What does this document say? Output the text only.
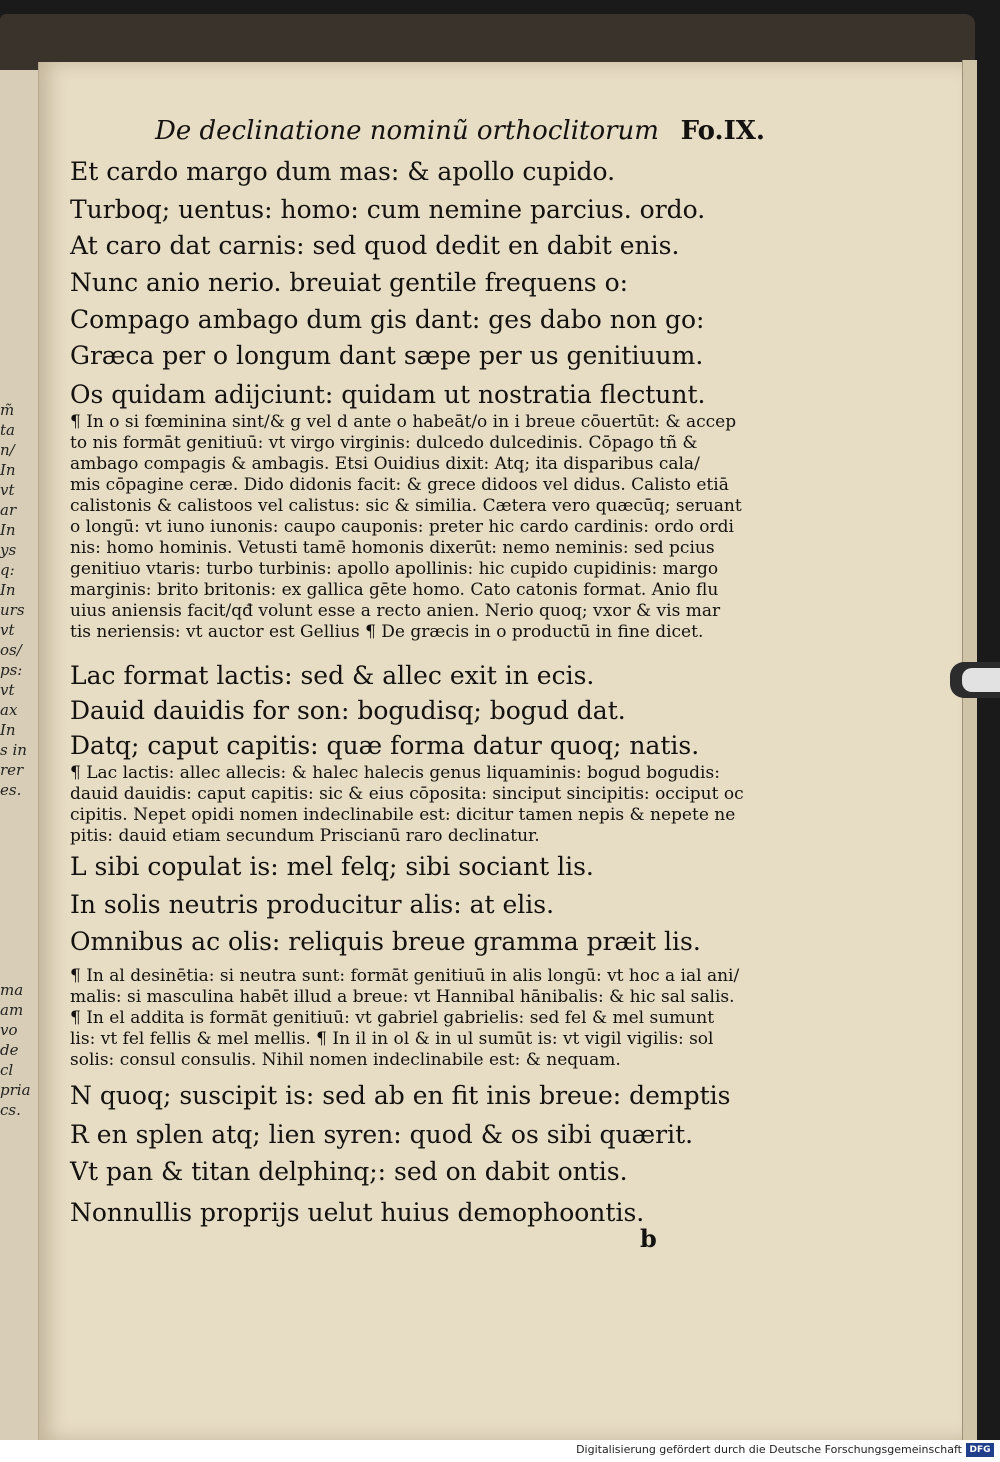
m̃
ta
n/
In
vt
ar
In
ys
q:
In
urs
vt
os/
ps:
vt
ax
In
s in
rer
es.
ma
am
vo
de cl
pria
cs.
De declinatione nominũ orthoclitorum Fo.IX.
Et cardo margo dum mas: & apollo cupido.
Turboq; uentus: homo: cum nemine parcius. ordo.
At caro dat carnis: sed quod dedit en dabit enis.
Nunc anio nerio. breuiat gentile frequens o:
Compago ambago dum gis dant: ges dabo non go:
Græca per o longum dant sæpe per us genitiuum.
Os quidam adijciunt: quidam ut nostratia flectunt.
¶ In o si fœminina sint/& g vel d ante o habeāt/o in i breue cōuertūt: & accep
to nis formāt genitiuū: vt virgo virginis: dulcedo dulcedinis. Cōpago tñ &
ambago compagis & ambagis. Etsi Ouidius dixit: Atq; ita disparibus cala/
mis cōpagine ceræ. Dido didonis facit: & grece didoos vel didus. Calisto etiā
calistonis & calistoos vel calistus: sic & similia. Cætera vero quæcūq; seruant
o longū: vt iuno iunonis: caupo cauponis: preter hic cardo cardinis: ordo ordi
nis: homo hominis. Vetusti tamē homonis dixerūt: nemo neminis: sed pcius
genitiuo vtaris: turbo turbinis: apollo apollinis: hic cupido cupidinis: margo
marginis: brito britonis: ex gallica gēte homo. Cato catonis format. Anio flu
uius aniensis facit/qđ volunt esse a recto anien. Nerio quoq; vxor & vis mar
tis neriensis: vt auctor est Gellius ¶ De græcis in o productū in fine dicet.
Lac format lactis: sed & allec exit in ecis.
Dauid dauidis for son: bogudisq; bogud dat.
Datq; caput capitis: quæ forma datur quoq; natis.
¶ Lac lactis: allec allecis: & halec halecis genus liquaminis: bogud bogudis:
dauid dauidis: caput capitis: sic & eius cōposita: sinciput sincipitis: occiput oc
cipitis. Nepet opidi nomen indeclinabile est: dicitur tamen nepis & nepete ne
pitis: dauid etiam secundum Priscianū raro declinatur.
L sibi copulat is: mel felq; sibi sociant lis.
In solis neutris producitur alis: at elis.
Omnibus ac olis: reliquis breue gramma præit lis.
¶ In al desinētia: si neutra sunt: formāt genitiuū in alis longū: vt hoc a ial ani/
malis: si masculina habēt illud a breue: vt Hannibal hānibalis: & hic sal salis.
¶ In el addita is formāt genitiuū: vt gabriel gabrielis: sed fel & mel sumunt
lis: vt fel fellis & mel mellis. ¶ In il in ol & in ul sumūt is: vt vigil vigilis: sol
solis: consul consulis. Nihil nomen indeclinabile est: & nequam.
N quoq; suscipit is: sed ab en fit inis breue: demptis
R en splen atq; lien syren: quod & os sibi quærit.
Vt pan & titan delphinq;: sed on dabit ontis.
Nonnullis proprijs uelut huius demophoontis.
b
Digitalisierung gefördert durch die Deutsche Forschungsgemeinschaft DFG
